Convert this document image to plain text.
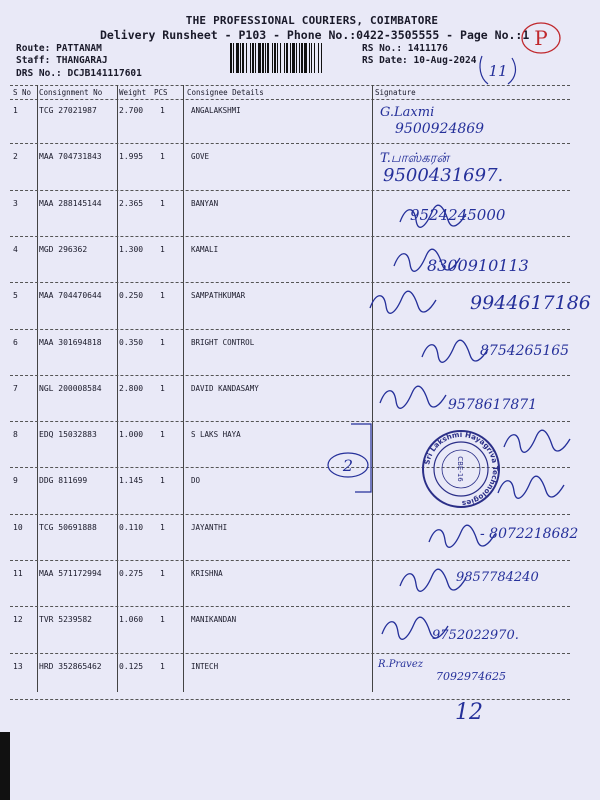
THE PROFESSIONAL COURIERS, COIMBATORE
Delivery Runsheet - P103 - Phone No.:0422-3505555 - Page No.:1
Route: PATTANAM
Staff: THANGARAJ
DRS No.: DCJB141117601
RS No.: 1411176
RS Date: 10-Aug-2024
P
11
S No Consignment No Weight PCS	Consignee Details	Signature
1	TCG 27021987	2.700 1	ANGALAKSHMI	G.Laxmi
9500924869
2	MAA 704731843 1.995 1	GOVE	T.பாஸ்கரன்
9500431697.
3	MAA 288145144 2.365 1	BANYAN
9524245000
4	MGD 296362	1.300 1	KAMALI
8300910113
5	MAA 704470644 0.250 1	SAMPATHKUMAR	9944617186
6	MAA 301694818 0.350 1	BRIGHT CONTROL
8754265165
7	NGL 200008584 2.800 1	DAVID KANDASAMY
9578617871
8	EDQ 15032883	1.000 1	S LAKS HAYA
9	DDG 811699	1.145 1	DO
10 TCG 50691888	0.110 1	JAYANTHI	- 8072218682
11 MAA 571172994 0.275 1	KRISHNA	9857784240
12 TVR 5239582	1.060 1	MANIKANDAN
9752022970.
13 HRD 352865462 0.125 1	INTECH	R.Pravez
7092974625
Sri Lakshmi Hayagriva Technologies
CBE-16
2
12
